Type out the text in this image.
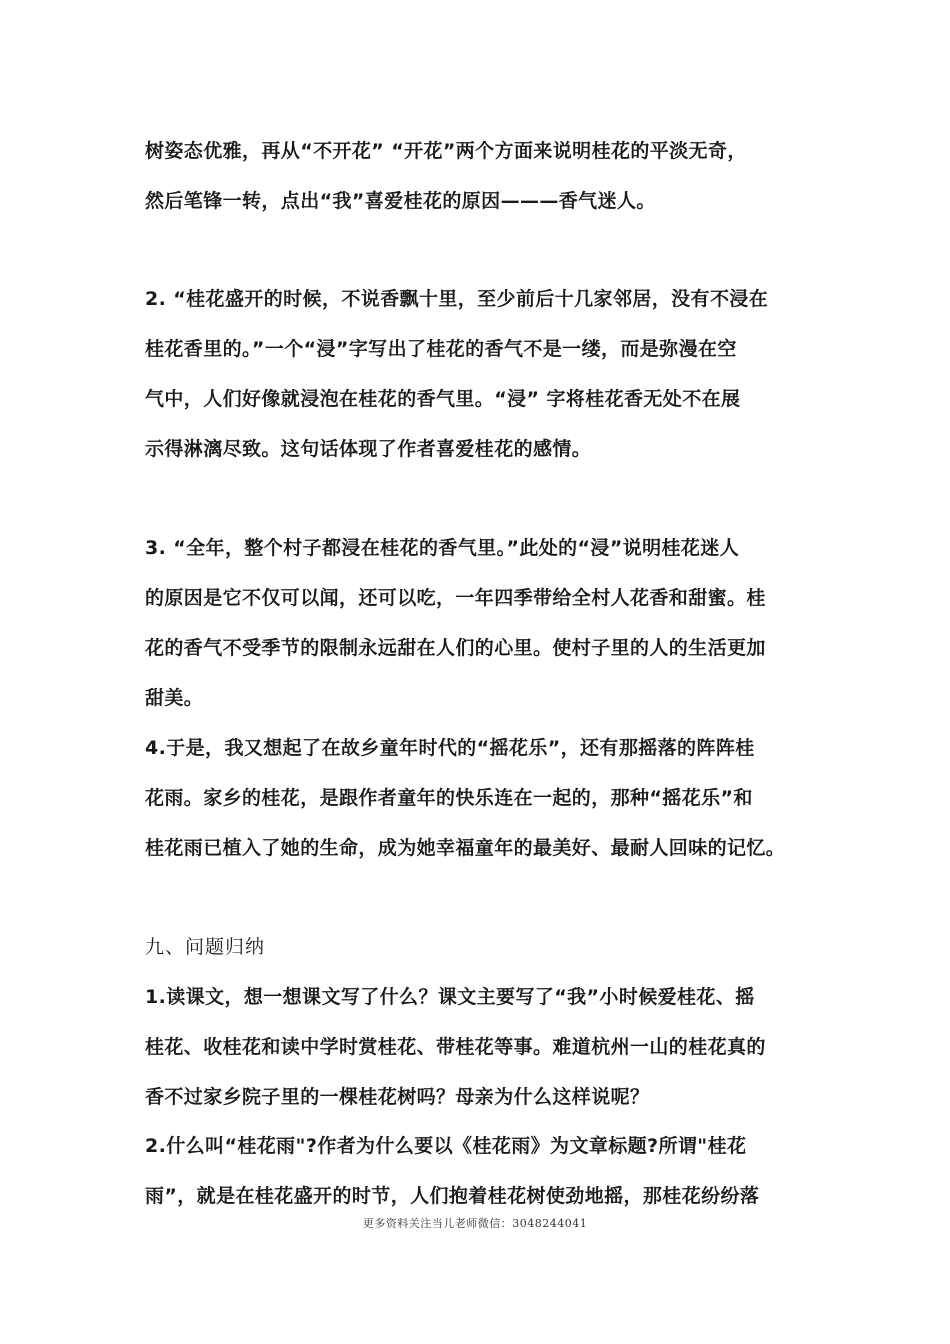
树姿态优雅，再从“不开花” “开花”两个方面来说明桂花的平淡无奇，
然后笔锋一转，点出“我”喜爱桂花的原因———香气迷人。
2. “桂花盛开的时候，不说香飘十里，至少前后十几家邻居，没有不浸在
桂花香里的。”一个“浸”字写出了桂花的香气不是一缕，而是弥漫在空
气中，人们好像就浸泡在桂花的香气里。“浸” 字将桂花香无处不在展
示得淋漓尽致。这句话体现了作者喜爱桂花的感情。
3. “全年，整个村子都浸在桂花的香气里。”此处的“浸”说明桂花迷人
的原因是它不仅可以闻，还可以吃，一年四季带给全村人花香和甜蜜。桂
花的香气不受季节的限制永远甜在人们的心里。使村子里的人的生活更加
甜美。
4.于是，我又想起了在故乡童年时代的“摇花乐”，还有那摇落的阵阵桂
花雨。家乡的桂花，是跟作者童年的快乐连在一起的，那种“摇花乐”和
桂花雨已植入了她的生命，成为她幸福童年的最美好、最耐人回味的记忆。
九、问题归纳
1.读课文，想一想课文写了什么？课文主要写了“我”小时候爱桂花、摇
桂花、收桂花和读中学时赏桂花、带桂花等事。难道杭州一山的桂花真的
香不过家乡院子里的一棵桂花树吗？母亲为什么这样说呢？
2.什么叫“桂花雨"?作者为什么要以《桂花雨》为文章标题?所谓"桂花
雨”，就是在桂花盛开的时节，人们抱着桂花树使劲地摇，那桂花纷纷落
更多资料关注当儿老师微信：3048244041
